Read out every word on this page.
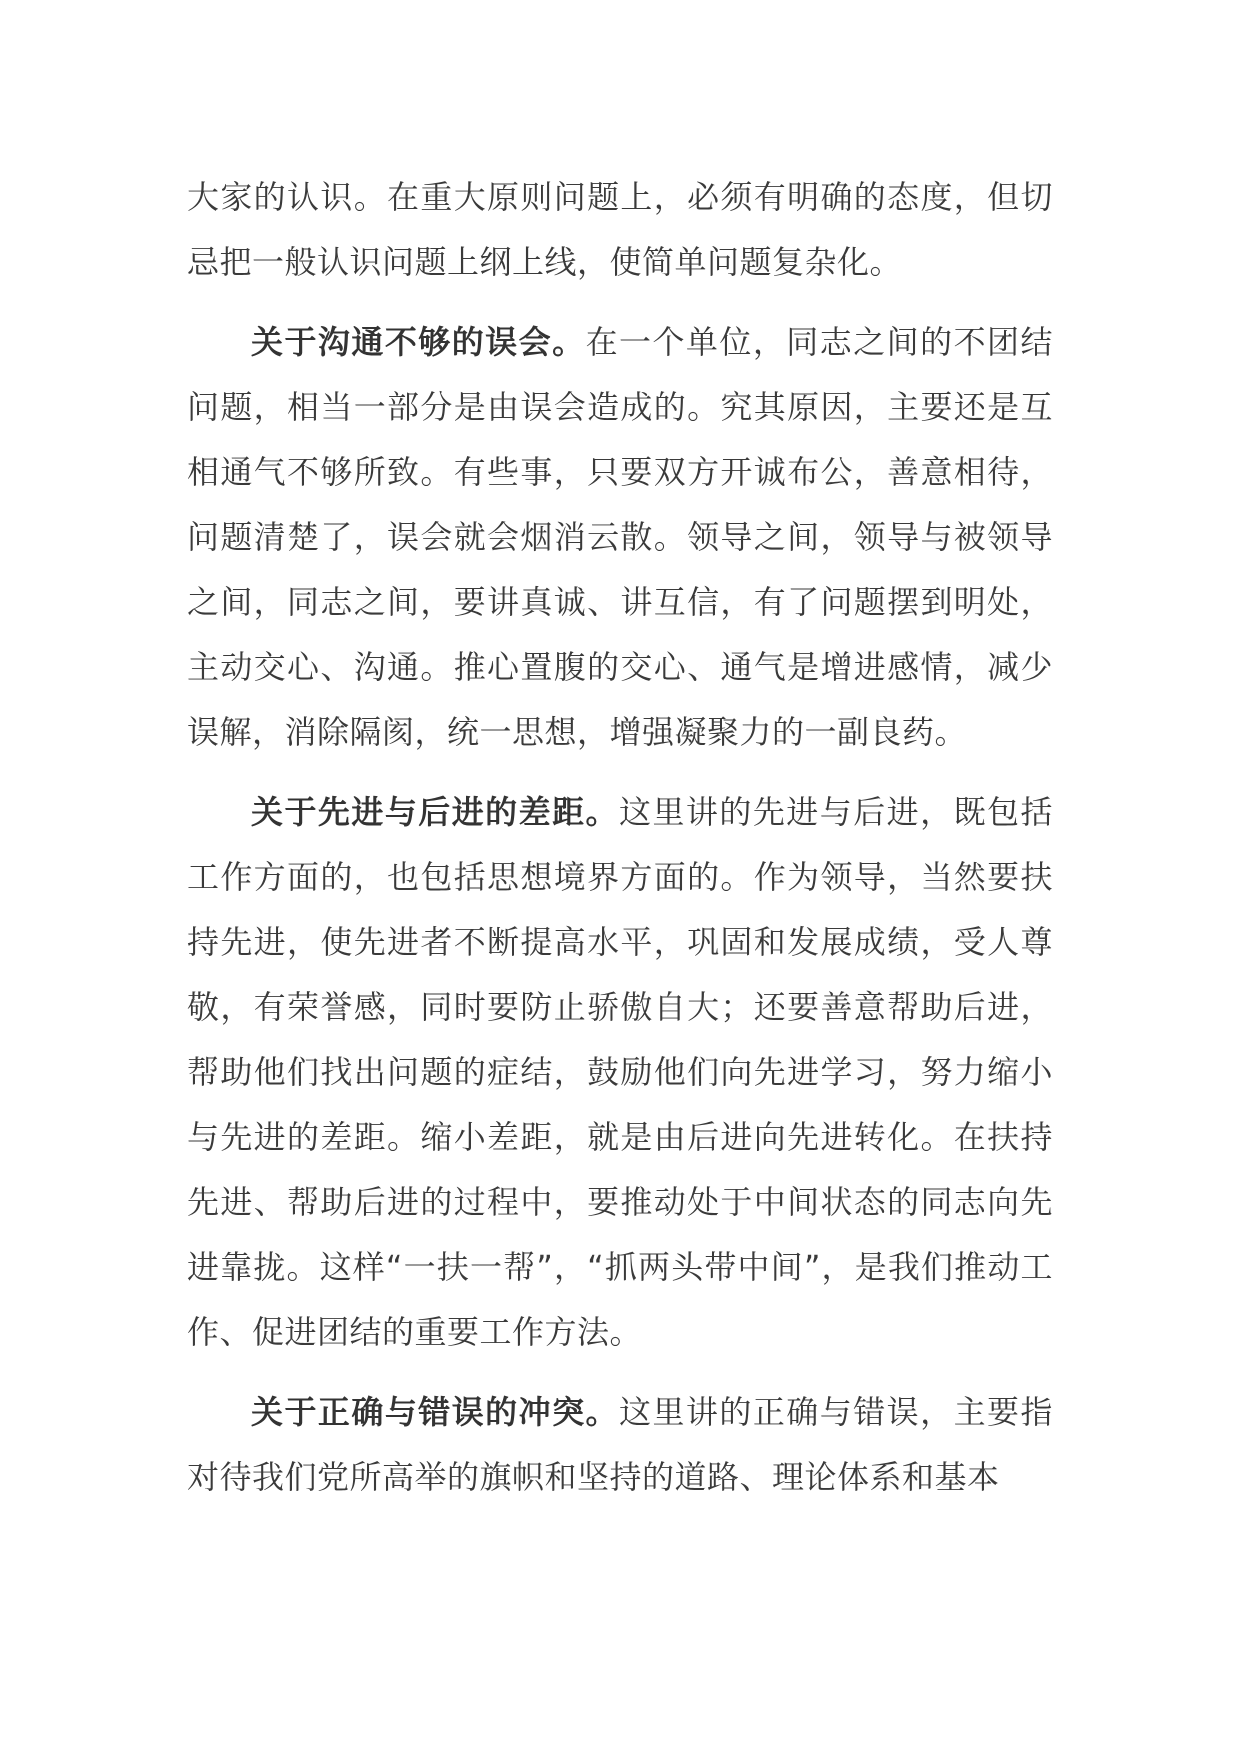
大家的认识。在重大原则问题上，必须有明确的态度，但切忌把一般认识问题上纲上线，使简单问题复杂化。

关于沟通不够的误会。在一个单位，同志之间的不团结问题，相当一部分是由误会造成的。究其原因，主要还是互相通气不够所致。有些事，只要双方开诚布公，善意相待，问题清楚了，误会就会烟消云散。领导之间，领导与被领导之间，同志之间，要讲真诚、讲互信，有了问题摆到明处，主动交心、沟通。推心置腹的交心、通气是增进感情，减少误解，消除隔阂，统一思想，增强凝聚力的一副良药。

关于先进与后进的差距。这里讲的先进与后进，既包括工作方面的，也包括思想境界方面的。作为领导，当然要扶持先进，使先进者不断提高水平，巩固和发展成绩，受人尊敬，有荣誉感，同时要防止骄傲自大；还要善意帮助后进，帮助他们找出问题的症结，鼓励他们向先进学习，努力缩小与先进的差距。缩小差距，就是由后进向先进转化。在扶持先进、帮助后进的过程中，要推动处于中间状态的同志向先进靠拢。这样“一扶一帮”，“抓两头带中间”，是我们推动工作、促进团结的重要工作方法。

关于正确与错误的冲突。这里讲的正确与错误，主要指对待我们党所高举的旗帜和坚持的道路、理论体系和基本
